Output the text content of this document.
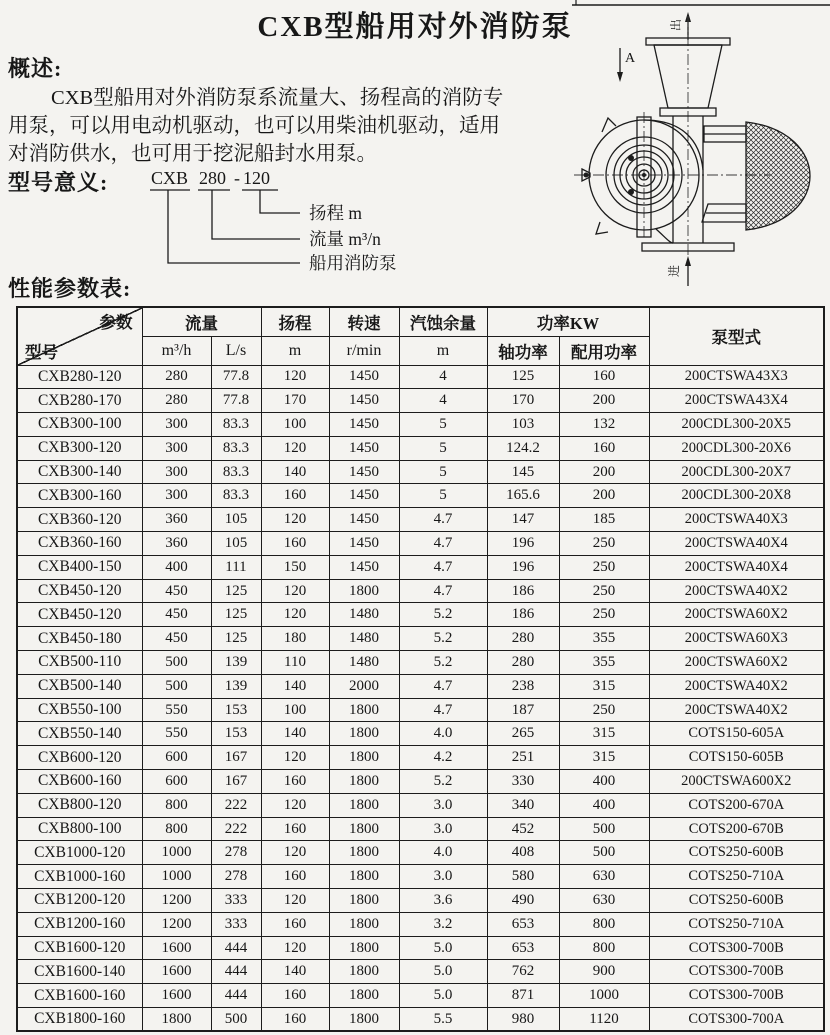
CXB型船用对外消防泵
概述:
CXB型船用对外消防泵系流量大、扬程高的消防专
用泵，可以用电动机驱动，也可以用柴油机驱动，适用
对消防供水，也可用于挖泥船封水用泵。
型号意义: CXB 280 - 120
扬程 m
流量 m³/n
船用消防泵
A
出
进
性能参数表:
参数
型号	流量		扬程	转速	汽蚀余量	功率KW		泵型式
	m³/h	L/s	m	r/min	m	轴功率	配用功率	
CXB280-120	280	77.8	120	1450	4	125	160	200CTSWA43X3
CXB280-170	280	77.8	170	1450	4	170	200	200CTSWA43X4
CXB300-100	300	83.3	100	1450	5	103	132	200CDL300-20X5
CXB300-120	300	83.3	120	1450	5	124.2	160	200CDL300-20X6
CXB300-140	300	83.3	140	1450	5	145	200	200CDL300-20X7
CXB300-160	300	83.3	160	1450	5	165.6	200	200CDL300-20X8
CXB360-120	360	105	120	1450	4.7	147	185	200CTSWA40X3
CXB360-160	360	105	160	1450	4.7	196	250	200CTSWA40X4
CXB400-150	400	111	150	1450	4.7	196	250	200CTSWA40X4
CXB450-120	450	125	120	1800	4.7	186	250	200CTSWA40X2
CXB450-120	450	125	120	1480	5.2	186	250	200CTSWA60X2
CXB450-180	450	125	180	1480	5.2	280	355	200CTSWA60X3
CXB500-110	500	139	110	1480	5.2	280	355	200CTSWA60X2
CXB500-140	500	139	140	2000	4.7	238	315	200CTSWA40X2
CXB550-100	550	153	100	1800	4.7	187	250	200CTSWA40X2
CXB550-140	550	153	140	1800	4.0	265	315	COTS150-605A
CXB600-120	600	167	120	1800	4.2	251	315	COTS150-605B
CXB600-160	600	167	160	1800	5.2	330	400	200CTSWA600X2
CXB800-120	800	222	120	1800	3.0	340	400	COTS200-670A
CXB800-100	800	222	160	1800	3.0	452	500	COTS200-670B
CXB1000-120	1000	278	120	1800	4.0	408	500	COTS250-600B
CXB1000-160	1000	278	160	1800	3.0	580	630	COTS250-710A
CXB1200-120	1200	333	120	1800	3.6	490	630	COTS250-600B
CXB1200-160	1200	333	160	1800	3.2	653	800	COTS250-710A
CXB1600-120	1600	444	120	1800	5.0	653	800	COTS300-700B
CXB1600-140	1600	444	140	1800	5.0	762	900	COTS300-700B
CXB1600-160	1600	444	160	1800	5.0	871	1000	COTS300-700B
CXB1800-160	1800	500	160	1800	5.5	980	1120	COTS300-700A
